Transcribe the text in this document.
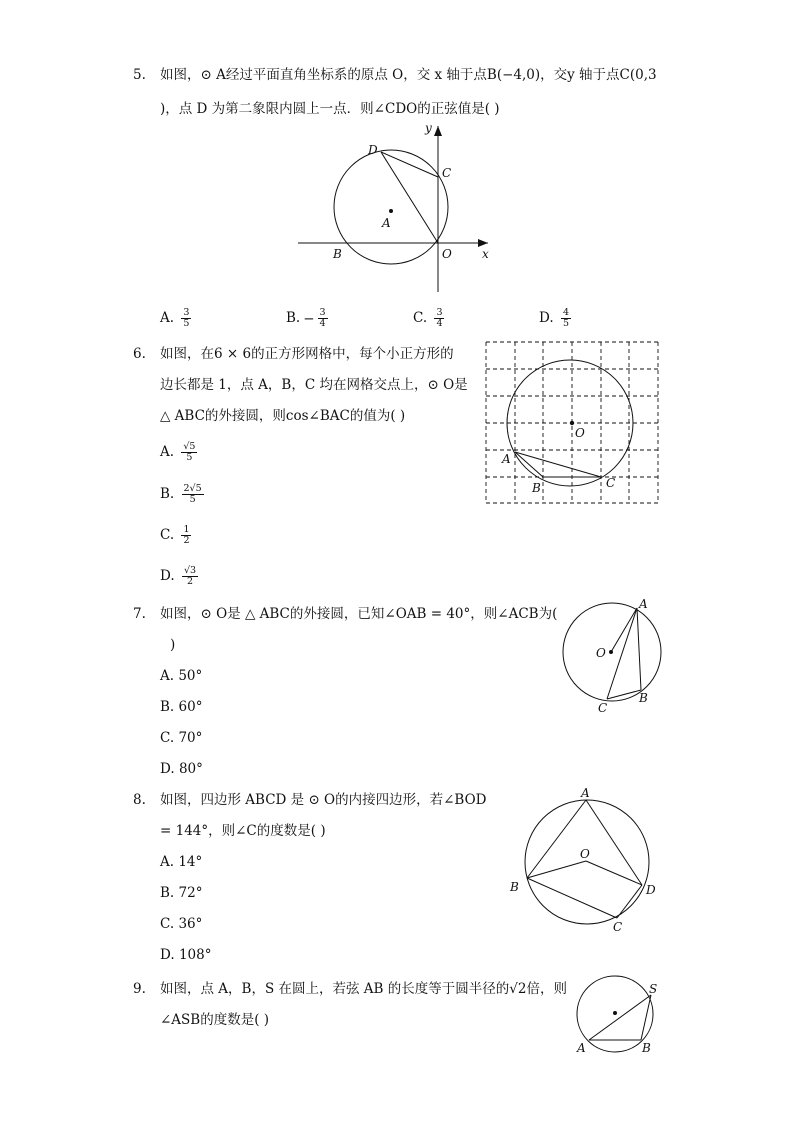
5. 如图，⊙ A经过平面直角坐标系的原点 O，交 x 轴于点B(−4,0)，交y 轴于点C(0,3
)，点 D 为第二象限内圆上一点．则∠CDO的正弦值是( )
y
x
D
C
A
B	O
A. $\frac{3}{5}$	B. − $\frac{3}{4}$	C. $\frac{3}{4}$	D. $\frac{4}{5}$
6. 如图，在6 × 6的正方形网格中，每个小正方形的
边长都是 1，点 A，B，C 均在网格交点上，⊙ O是
△ ABC的外接圆，则cos∠BAC的值为( )
O
A
B	C
A. $\frac{√5}{5}$
B. $\frac{2√5}{5}$
C. $\frac{1}{2}$
D. $\frac{√3}{2}$
7. 如图，⊙ O是 △ ABC的外接圆，已知∠OAB = 40°，则∠ACB为(
)
A
O
B
C
A. 50°
B. 60°
C. 70°
D. 80°
8. 如图，四边形 ABCD 是 ⊙ O的内接四边形，若∠BOD
= 144°，则∠C的度数是( )
A
O
B	D
C
A. 14°
B. 72°
C. 36°
D. 108°
9. 如图，点 A，B，S 在圆上，若弦 AB 的长度等于圆半径的√2倍，则
∠ASB的度数是( )
S
A	B
